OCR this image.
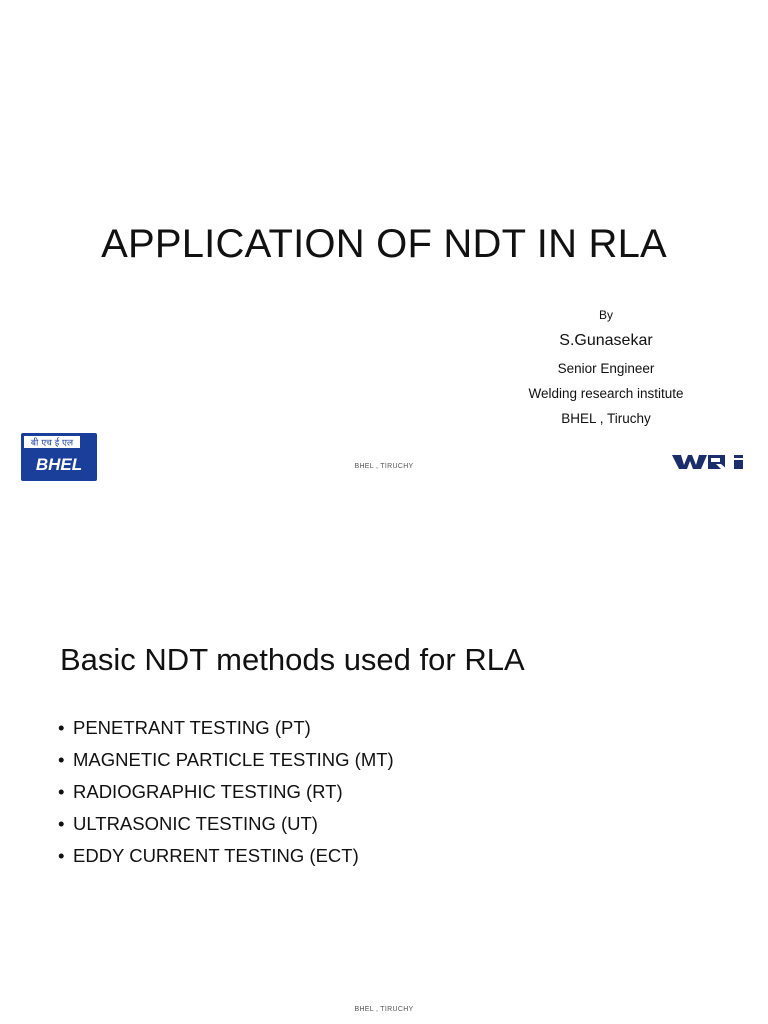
APPLICATION OF NDT IN RLA
By
S.Gunasekar
Senior Engineer
Welding research institute
BHEL , Tiruchy
बी एच ई एल
BHEL	BHEL , TIRUCHY
WRI
Basic NDT methods used for RLA
• PENETRANT TESTING (PT)
• MAGNETIC PARTICLE TESTING (MT)
• RADIOGRAPHIC TESTING (RT)
• ULTRASONIC TESTING (UT)
• EDDY CURRENT TESTING (ECT)
BHEL , TIRUCHY
